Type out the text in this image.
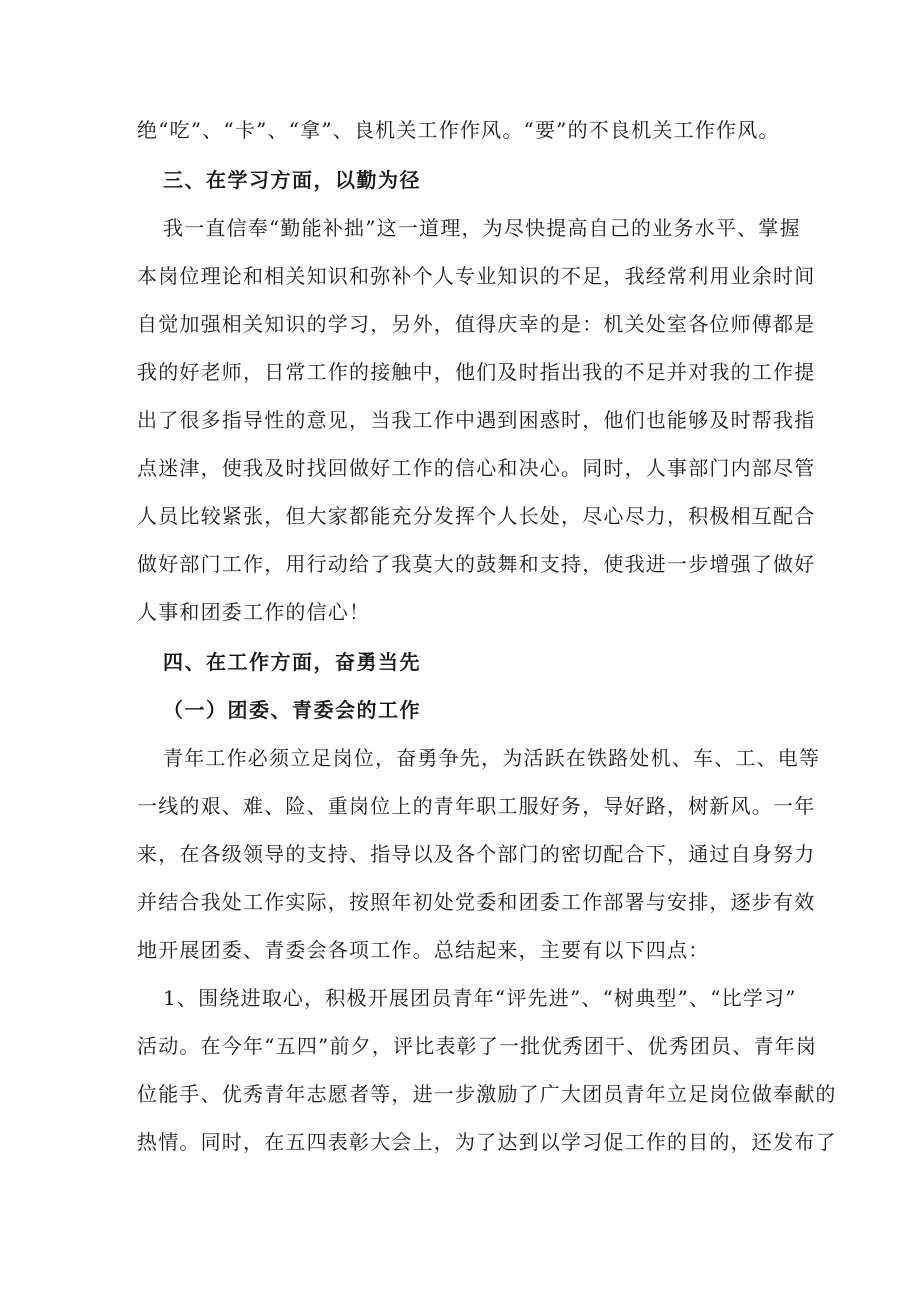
绝“吃”、“卡”、“拿”、良机关工作作风。“要”的不良机关工作作风。
三、在学习方面，以勤为径
我一直信奉“勤能补拙”这一道理，为尽快提高自己的业务水平、掌握
本岗位理论和相关知识和弥补个人专业知识的不足，我经常利用业余时间
自觉加强相关知识的学习，另外，值得庆幸的是：机关处室各位师傅都是
我的好老师，日常工作的接触中，他们及时指出我的不足并对我的工作提
出了很多指导性的意见，当我工作中遇到困惑时，他们也能够及时帮我指
点迷津，使我及时找回做好工作的信心和决心。同时，人事部门内部尽管
人员比较紧张，但大家都能充分发挥个人长处，尽心尽力，积极相互配合
做好部门工作，用行动给了我莫大的鼓舞和支持，使我进一步增强了做好
人事和团委工作的信心！
四、在工作方面，奋勇当先
（一）团委、青委会的工作
青年工作必须立足岗位，奋勇争先，为活跃在铁路处机、车、工、电等
一线的艰、难、险、重岗位上的青年职工服好务，导好路，树新风。一年
来，在各级领导的支持、指导以及各个部门的密切配合下，通过自身努力
并结合我处工作实际，按照年初处党委和团委工作部署与安排，逐步有效
地开展团委、青委会各项工作。总结起来，主要有以下四点：
1、围绕进取心，积极开展团员青年“评先进”、“树典型”、“比学习”
活动。在今年“五四”前夕，评比表彰了一批优秀团干、优秀团员、青年岗
位能手、优秀青年志愿者等，进一步激励了广大团员青年立足岗位做奉献的
热情。同时，在五四表彰大会上，为了达到以学习促工作的目的，还发布了
